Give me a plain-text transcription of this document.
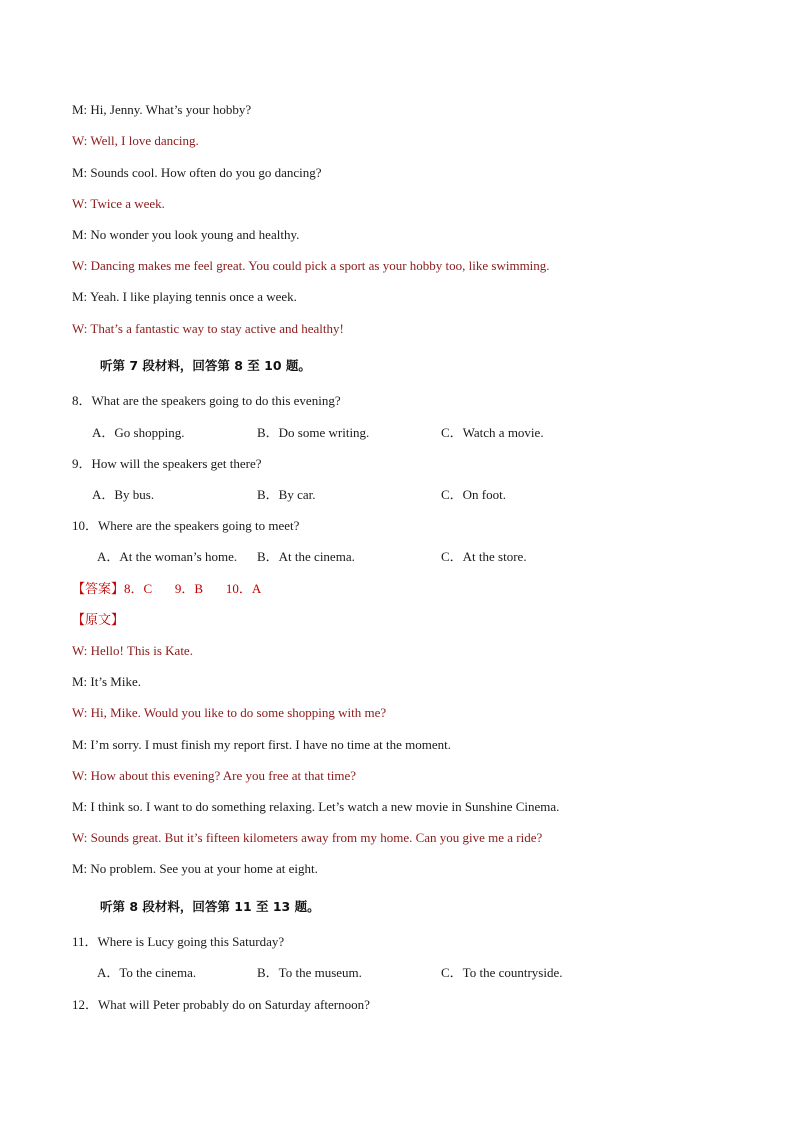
M: Hi, Jenny. What’s your hobby?
W: Well, I love dancing.
M: Sounds cool. How often do you go dancing?
W: Twice a week.
M: No wonder you look young and healthy.
W: Dancing makes me feel great. You could pick a sport as your hobby too, like swimming.
M: Yeah. I like playing tennis once a week.
W: That’s a fantastic way to stay active and healthy!
听第 7 段材料，回答第 8 至 10 题。
8．What are the speakers going to do this evening?
A．Go shopping.	B．Do some writing.	C．Watch a movie.
9．How will the speakers get there?
A．By bus.	B．By car.	C．On foot.
10．Where are the speakers going to meet?
A．At the woman’s home. B．At the cinema.	C．At the store.
【答案】8．C       9．B       10．A
【原文】
W: Hello! This is Kate.
M: It’s Mike.
W: Hi, Mike. Would you like to do some shopping with me?
M: I’m sorry. I must finish my report first. I have no time at the moment.
W: How about this evening? Are you free at that time?
M: I think so. I want to do something relaxing. Let’s watch a new movie in Sunshine Cinema.
W: Sounds great. But it’s fifteen kilometers away from my home. Can you give me a ride?
M: No problem. See you at your home at eight.
听第 8 段材料，回答第 11 至 13 题。
11．Where is Lucy going this Saturday?
A．To the cinema.	B．To the museum.	C．To the countryside.
12．What will Peter probably do on Saturday afternoon?
